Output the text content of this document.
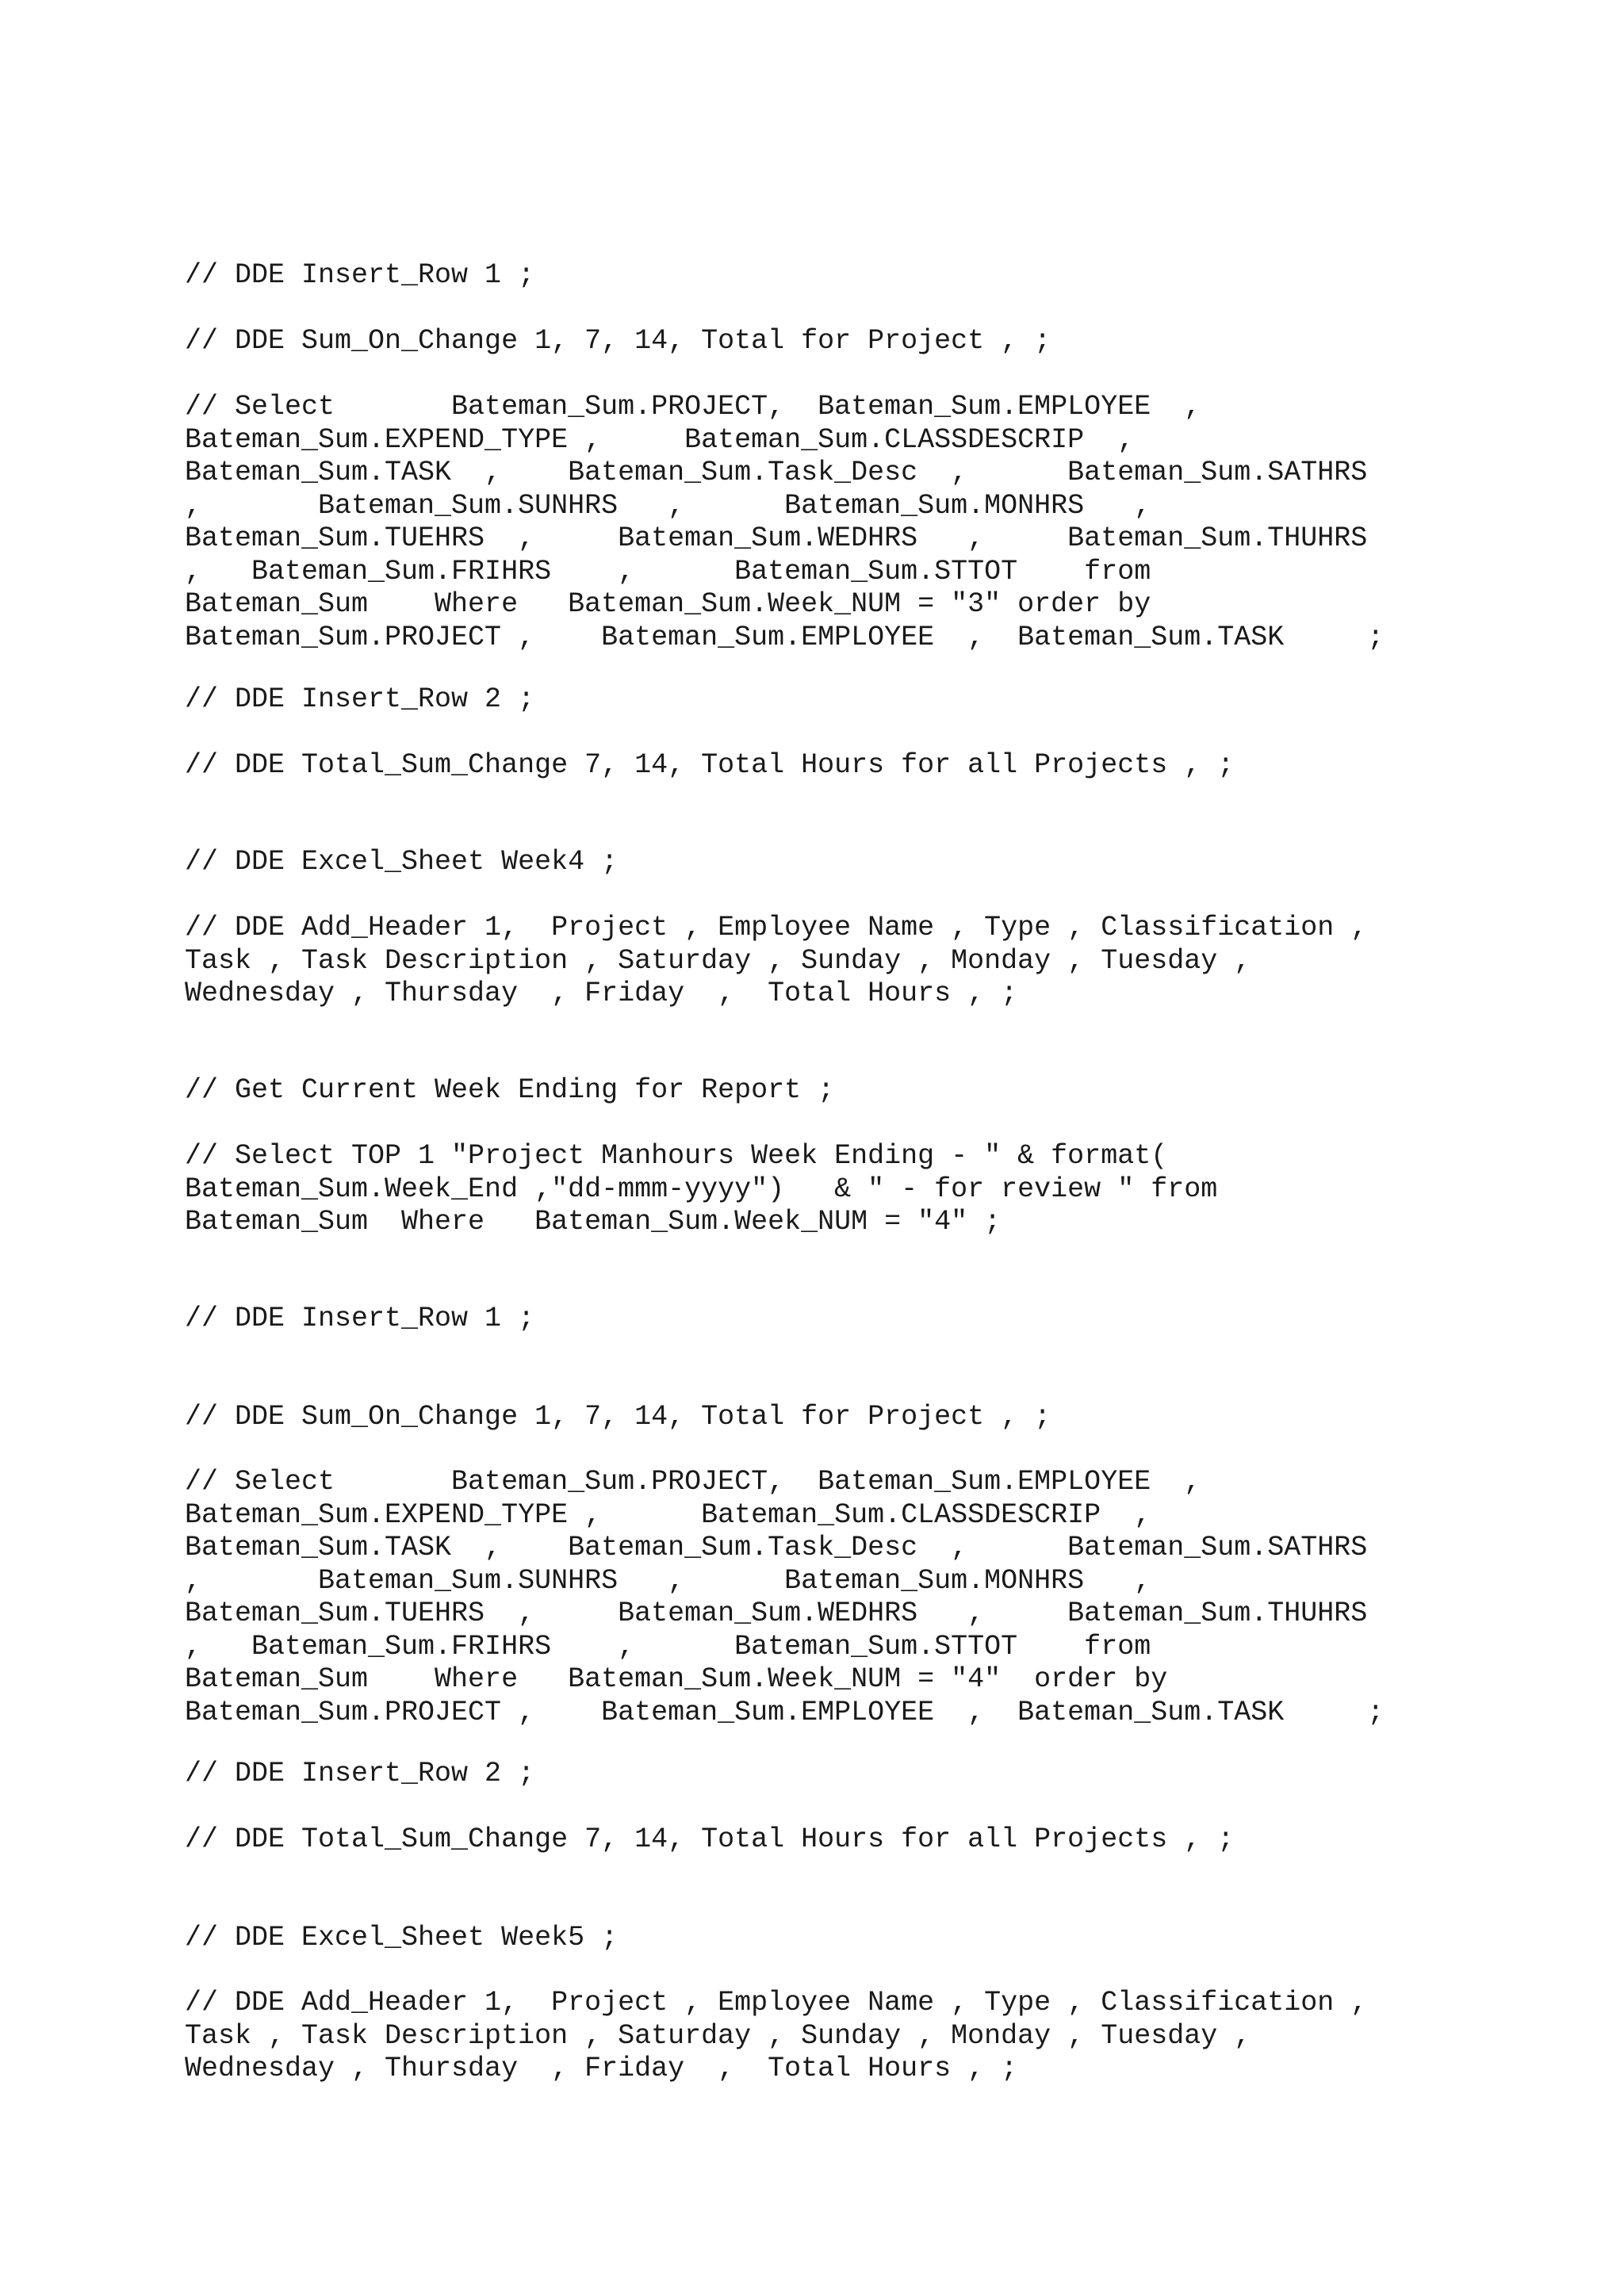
// DDE Insert_Row 1 ;
// DDE Sum_On_Change 1, 7, 14, Total for Project , ;
// Select       Bateman_Sum.PROJECT,  Bateman_Sum.EMPLOYEE  ,
Bateman_Sum.EXPEND_TYPE ,     Bateman_Sum.CLASSDESCRIP  ,
Bateman_Sum.TASK  ,    Bateman_Sum.Task_Desc  ,      Bateman_Sum.SATHRS
,       Bateman_Sum.SUNHRS   ,      Bateman_Sum.MONHRS   ,
Bateman_Sum.TUEHRS  ,     Bateman_Sum.WEDHRS   ,     Bateman_Sum.THUHRS
,   Bateman_Sum.FRIHRS    ,      Bateman_Sum.STTOT    from
Bateman_Sum    Where   Bateman_Sum.Week_NUM = "3" order by
Bateman_Sum.PROJECT ,    Bateman_Sum.EMPLOYEE  ,  Bateman_Sum.TASK     ;
// DDE Insert_Row 2 ;
// DDE Total_Sum_Change 7, 14, Total Hours for all Projects , ;
// DDE Excel_Sheet Week4 ;
// DDE Add_Header 1,  Project , Employee Name , Type , Classification ,
Task , Task Description , Saturday , Sunday , Monday , Tuesday ,
Wednesday , Thursday  , Friday  ,  Total Hours , ;
// Get Current Week Ending for Report ;
// Select TOP 1 "Project Manhours Week Ending - " & format(
Bateman_Sum.Week_End ,"dd-mmm-yyyy")   & " - for review " from
Bateman_Sum  Where   Bateman_Sum.Week_NUM = "4" ;
// DDE Insert_Row 1 ;
// DDE Sum_On_Change 1, 7, 14, Total for Project , ;
// Select       Bateman_Sum.PROJECT,  Bateman_Sum.EMPLOYEE  ,
Bateman_Sum.EXPEND_TYPE ,      Bateman_Sum.CLASSDESCRIP  ,
Bateman_Sum.TASK  ,    Bateman_Sum.Task_Desc  ,      Bateman_Sum.SATHRS
,       Bateman_Sum.SUNHRS   ,      Bateman_Sum.MONHRS   ,
Bateman_Sum.TUEHRS  ,     Bateman_Sum.WEDHRS   ,     Bateman_Sum.THUHRS
,   Bateman_Sum.FRIHRS    ,      Bateman_Sum.STTOT    from
Bateman_Sum    Where   Bateman_Sum.Week_NUM = "4"  order by
Bateman_Sum.PROJECT ,    Bateman_Sum.EMPLOYEE  ,  Bateman_Sum.TASK     ;
// DDE Insert_Row 2 ;
// DDE Total_Sum_Change 7, 14, Total Hours for all Projects , ;
// DDE Excel_Sheet Week5 ;
// DDE Add_Header 1,  Project , Employee Name , Type , Classification ,
Task , Task Description , Saturday , Sunday , Monday , Tuesday ,
Wednesday , Thursday  , Friday  ,  Total Hours , ;
